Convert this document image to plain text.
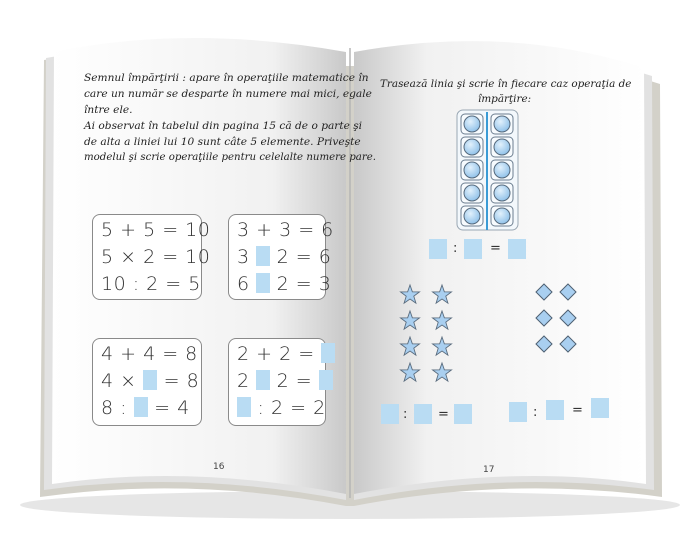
Semnul împărţirii : apare în operaţiile matematice în
care un număr se desparte în numere mai mici, egale
între ele.
Ai observat în tabelul din pagina 15 că de o parte şi
de alta a liniei lui 10 sunt câte 5 elemente. Priveşte
modelul şi scrie operaţiile pentru celelalte numere pare.
5 + 5 = 10
5 × 2 = 10
10 : 2 = 5
3 + 3 = 6
3  2 = 6
6  2 = 3
4 + 4 = 8
4 ×  = 8
8 :  = 4
2 + 2 =
2  2 =
: 2 = 2
16
Trasează linia şi scrie în fiecare caz operaţia de
împărţire:
:	=
: =	:	=
17
